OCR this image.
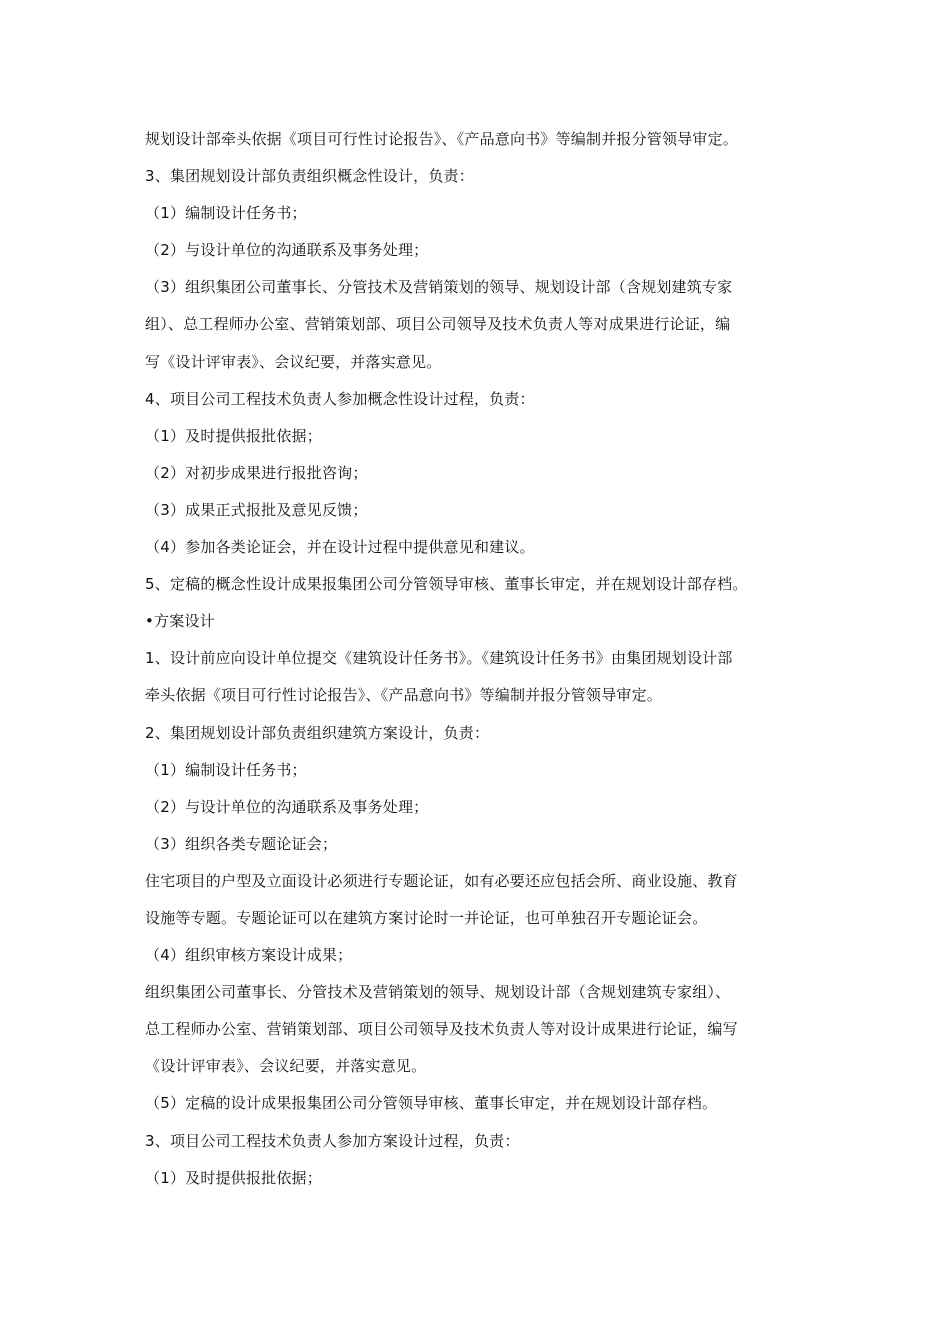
规划设计部牵头依据《项目可行性讨论报告》、《产品意向书》等编制并报分管领导审定。
3、集团规划设计部负责组织概念性设计，负责：
（1）编制设计任务书；
（2）与设计单位的沟通联系及事务处理；
（3）组织集团公司董事长、分管技术及营销策划的领导、规划设计部（含规划建筑专家
组）、总工程师办公室、营销策划部、项目公司领导及技术负责人等对成果进行论证，编
写《设计评审表》、会议纪要，并落实意见。
4、项目公司工程技术负责人参加概念性设计过程，负责：
（1）及时提供报批依据；
（2）对初步成果进行报批咨询；
（3）成果正式报批及意见反馈；
（4）参加各类论证会，并在设计过程中提供意见和建议。
5、定稿的概念性设计成果报集团公司分管领导审核、董事长审定，并在规划设计部存档。
•方案设计
1、设计前应向设计单位提交《建筑设计任务书》。《建筑设计任务书》由集团规划设计部
牵头依据《项目可行性讨论报告》、《产品意向书》等编制并报分管领导审定。
2、集团规划设计部负责组织建筑方案设计，负责：
（1）编制设计任务书；
（2）与设计单位的沟通联系及事务处理；
（3）组织各类专题论证会；
住宅项目的户型及立面设计必须进行专题论证，如有必要还应包括会所、商业设施、教育
设施等专题。专题论证可以在建筑方案讨论时一并论证，也可单独召开专题论证会。
（4）组织审核方案设计成果；
组织集团公司董事长、分管技术及营销策划的领导、规划设计部（含规划建筑专家组）、
总工程师办公室、营销策划部、项目公司领导及技术负责人等对设计成果进行论证，编写
《设计评审表》、会议纪要，并落实意见。
（5）定稿的设计成果报集团公司分管领导审核、董事长审定，并在规划设计部存档。
3、项目公司工程技术负责人参加方案设计过程，负责：
（1）及时提供报批依据；
